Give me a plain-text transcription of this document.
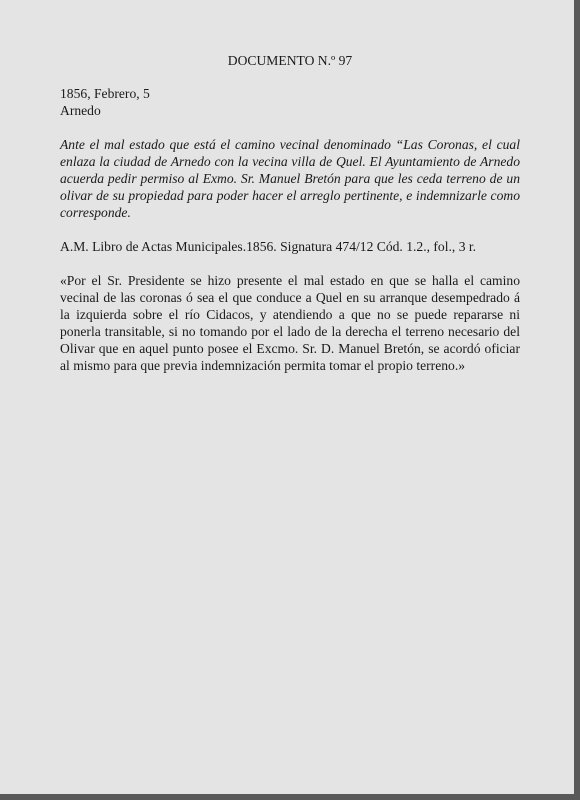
DOCUMENTO N.º 97

1856, Febrero, 5

Arnedo

Ante el mal estado que está el camino vecinal denominado “Las Coronas, el cual enlaza la ciudad de Arnedo con la vecina villa de Quel. El Ayuntamiento de Arnedo acuerda pedir permiso al Exmo. Sr. Manuel Bretón para que les ceda terreno de un olivar de su propiedad para poder hacer el arreglo pertinente, e indemnizarle como corresponde.

A.M. Libro de Actas Municipales.1856. Signatura 474/12 Cód. 1.2., fol., 3 r.

«Por el Sr. Presidente se hizo presente el mal estado en que se halla el camino vecinal de las coronas ó sea el que conduce a Quel en su arranque desempedrado á la izquierda sobre el río Cidacos, y atendiendo a que no se puede repararse ni ponerla transitable, si no tomando por el lado de la derecha el terreno necesario del Olivar que en aquel punto posee el Excmo. Sr. D. Manuel Bretón, se acordó oficiar al mismo para que previa indemnización permita tomar el propio terreno.»
